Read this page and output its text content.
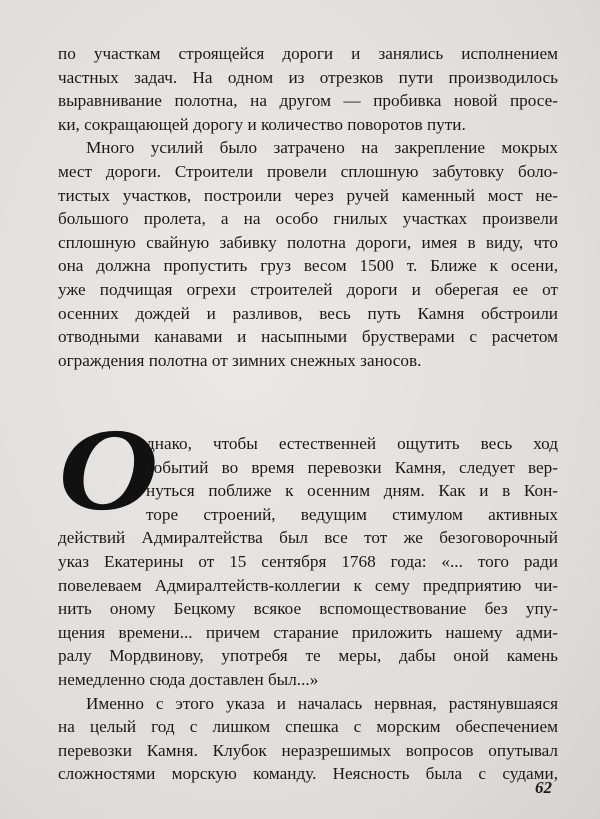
по участкам строящейся дороги и занялись исполнением
частных задач. На одном из отрезков пути производилось
выравнивание полотна, на другом — пробивка новой просе-
ки, сокращающей дорогу и количество поворотов пути.
Много усилий было затрачено на закрепление мокрых
мест дороги. Строители провели сплошную забутовку боло-
тистых участков, построили через ручей каменный мост не-
большого пролета, а на особо гнилых участках произвели
сплошную свайную забивку полотна дороги, имея в виду, что
она должна пропустить груз весом 1500 т. Ближе к осени,
уже подчищая огрехи строителей дороги и оберегая ее от
осенних дождей и разливов, весь путь Камня обстроили
отводными канавами и насыпными брустверами с расчетом
ограждения полотна от зимних снежных заносов.
О
днако, чтобы естественней ощутить весь ход
событий во время перевозки Камня, следует вер-
нуться поближе к осенним дням. Как и в Кон-
торе строений, ведущим стимулом активных
действий Адмиралтейства был все тот же безоговорочный
указ Екатерины от 15 сентября 1768 года: «... того ради
повелеваем Адмиралтейств-коллегии к сему предприятию чи-
нить оному Бецкому всякое вспомоществование без упу-
щения времени... причем старание приложить нашему адми-
ралу Мордвинову, употребя те меры, дабы оной камень
немедленно сюда доставлен был...»
Именно с этого указа и началась нервная, растянувшаяся
на целый год с лишком спешка с морским обеспечением
перевозки Камня. Клубок неразрешимых вопросов опутывал
сложностями морскую команду. Неясность была с судами,
62
